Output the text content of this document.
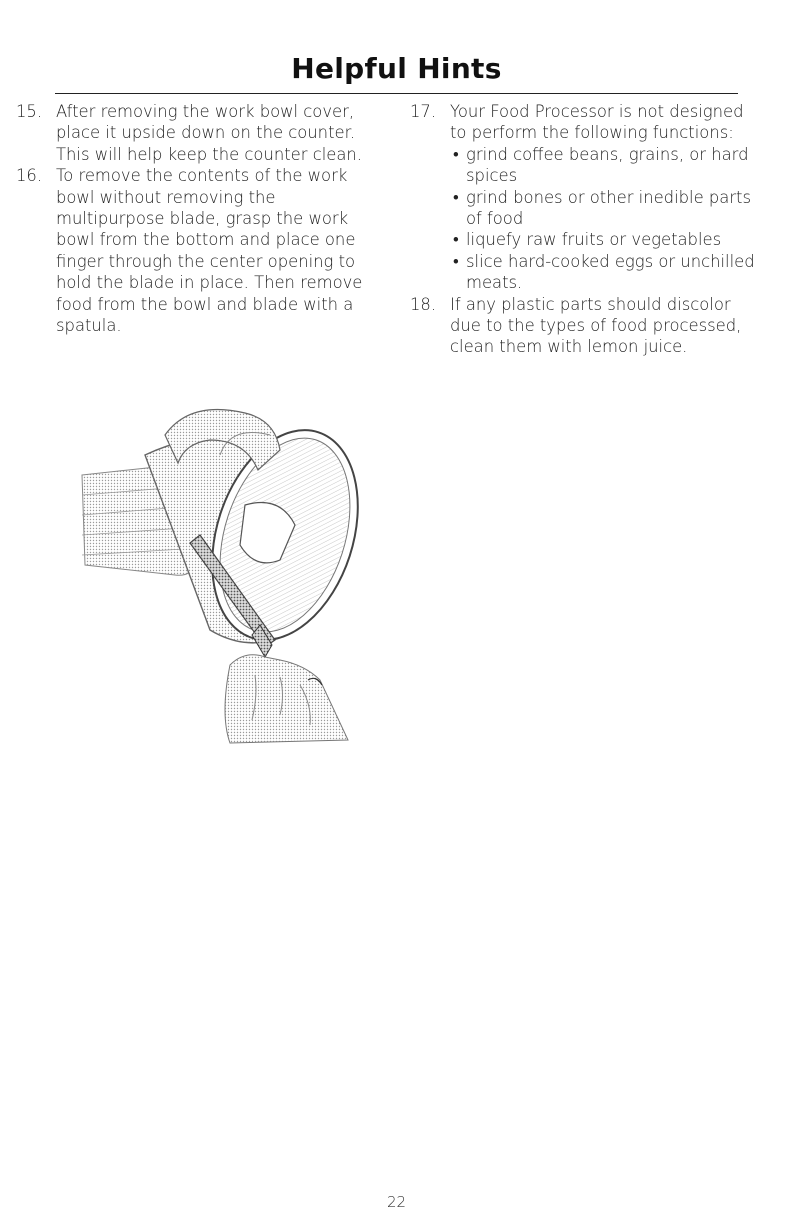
Helpful Hints
15. After removing the work bowl cover, place it upside down on the counter. This will help keep the counter clean.
16. To remove the contents of the work bowl without removing the multipurpose blade, grasp the work bowl from the bottom and place one finger through the center opening to hold the blade in place. Then remove food from the bowl and blade with a spatula.
17. Your Food Processor is not designed to perform the following functions:
• grind coffee beans, grains, or hard spices
• grind bones or other inedible parts of food
• liquefy raw fruits or vegetables
• slice hard-cooked eggs or unchilled meats.
18. If any plastic parts should discolor due to the types of food processed, clean them with lemon juice.
22
